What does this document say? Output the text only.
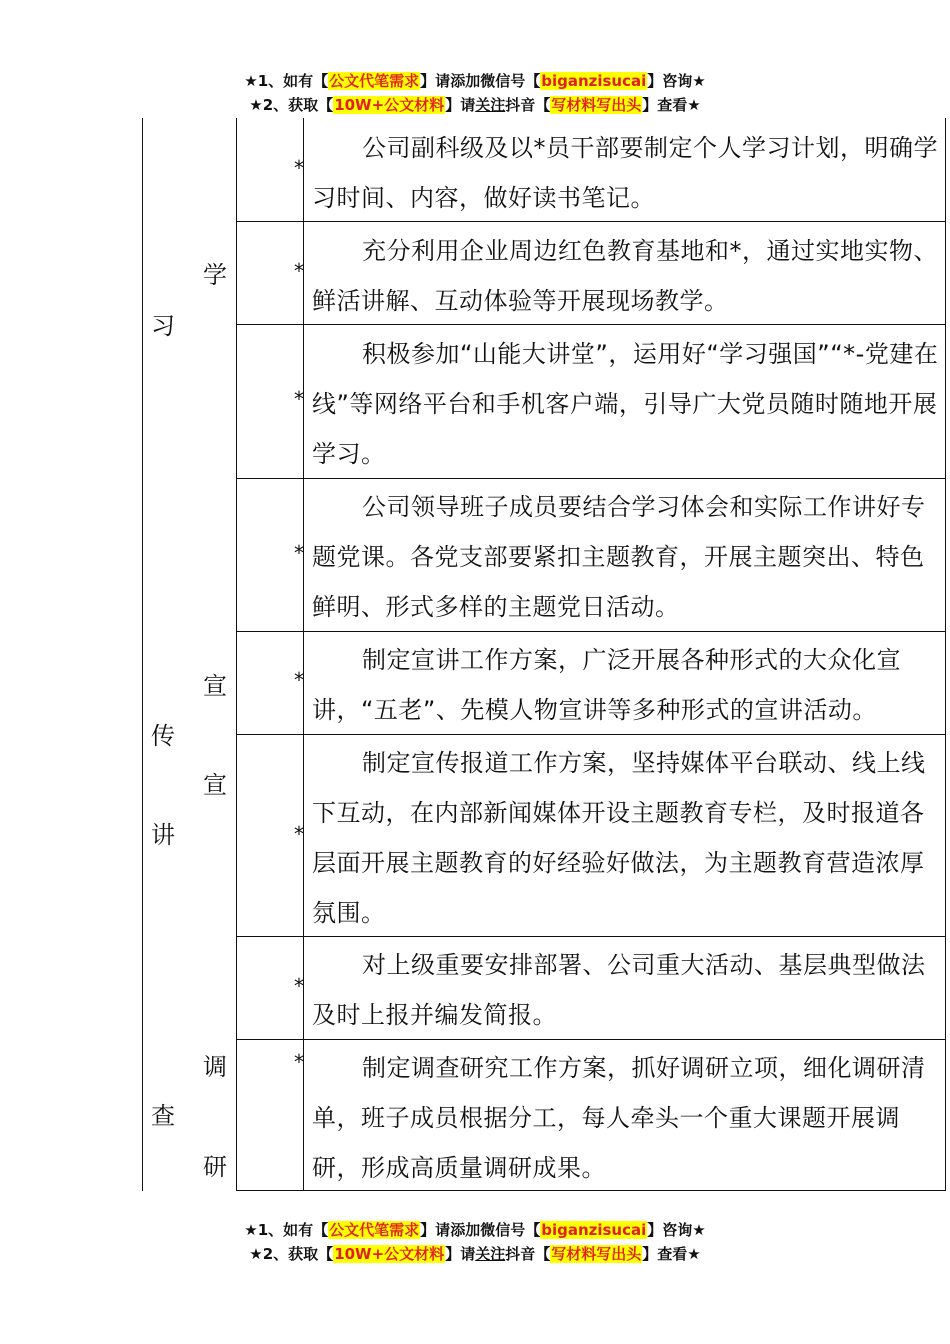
★1、如有【公文代笔需求】请添加微信号【biganzisucai】咨询★
★2、获取【10W+公文材料】请关注抖音【写材料写出头】查看★
习
传
讲
查
学
宣
宣
调
研
*
*
*
*
*
*
*
*
公司副科级及以*员干部要制定个人学习计划，明确学习时间、内容，做好读书笔记。
充分利用企业周边红色教育基地和*，通过实地实物、鲜活讲解、互动体验等开展现场教学。
积极参加“山能大讲堂”，运用好“学习强国”“*-党建在线”等网络平台和手机客户端，引导广大党员随时随地开展学习。
公司领导班子成员要结合学习体会和实际工作讲好专题党课。各党支部要紧扣主题教育，开展主题突出、特色鲜明、形式多样的主题党日活动。
制定宣讲工作方案，广泛开展各种形式的大众化宣讲，“五老”、先模人物宣讲等多种形式的宣讲活动。
制定宣传报道工作方案，坚持媒体平台联动、线上线下互动，在内部新闻媒体开设主题教育专栏，及时报道各层面开展主题教育的好经验好做法，为主题教育营造浓厚氛围。
对上级重要安排部署、公司重大活动、基层典型做法及时上报并编发简报。
制定调查研究工作方案，抓好调研立项，细化调研清单，班子成员根据分工，每人牵头一个重大课题开展调研，形成高质量调研成果。
★1、如有【公文代笔需求】请添加微信号【biganzisucai】咨询★
★2、获取【10W+公文材料】请关注抖音【写材料写出头】查看★
